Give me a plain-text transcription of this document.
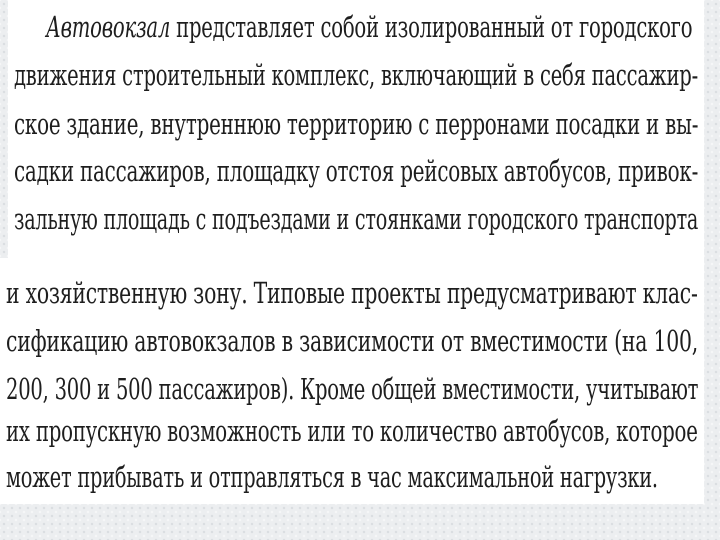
Автовокзал представляет собой изолированный от городского
движения строительный комплекс, включающий в себя пассажир-
ское здание, внутреннюю территорию с перронами посадки и вы-
садки пассажиров, площадку отстоя рейсовых автобусов, привок-
зальную площадь с подъездами и стоянками городского транспорта
и хозяйственную зону. Типовые проекты предусматривают клас-
сификацию автовокзалов в зависимости от вместимости (на 100,
200, 300 и 500 пассажиров). Кроме общей вместимости, учитывают
их пропускную возможность или то количество автобусов, которое
может прибывать и отправляться в час максимальной нагрузки.
